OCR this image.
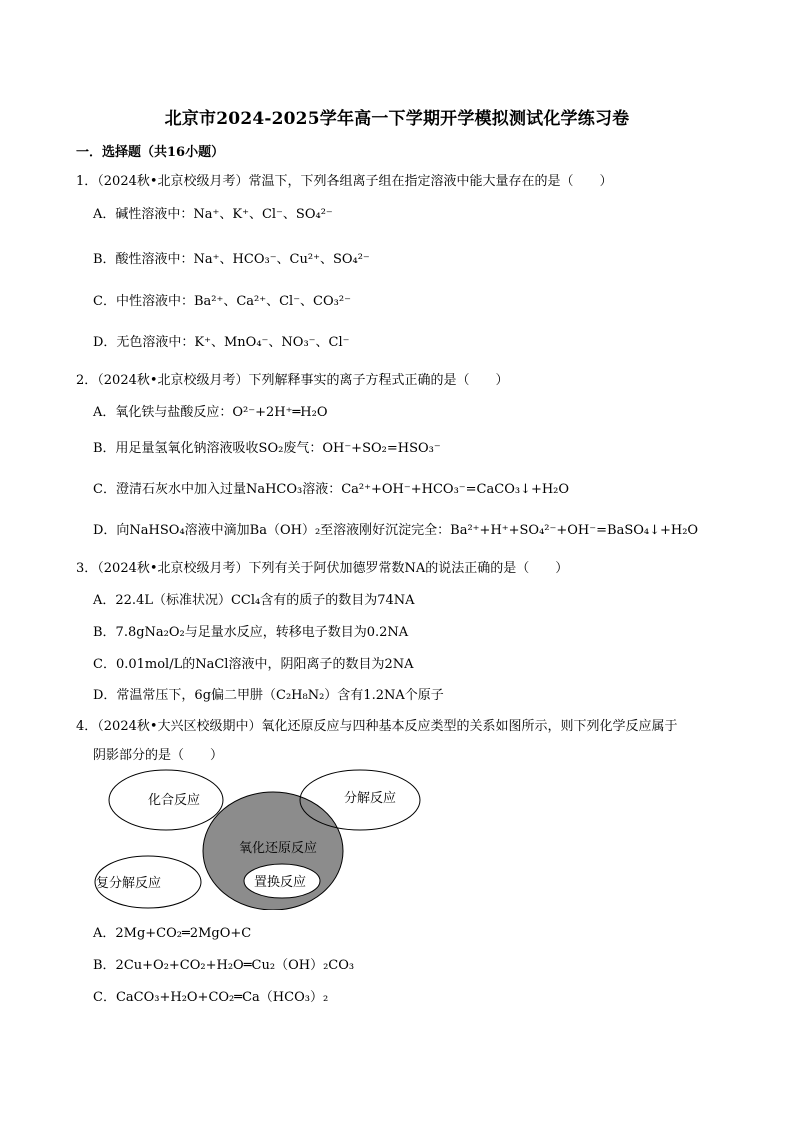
北京市2024-2025学年高一下学期开学模拟测试化学练习卷
一．选择题（共16小题）
1．（2024秋•北京校级月考）常温下，下列各组离子组在指定溶液中能大量存在的是（　　）
A．碱性溶液中：Na⁺、K⁺、Cl⁻、SO₄²⁻
B．酸性溶液中：Na⁺、HCO₃⁻、Cu²⁺、SO₄²⁻
C．中性溶液中：Ba²⁺、Ca²⁺、Cl⁻、CO₃²⁻
D．无色溶液中：K⁺、MnO₄⁻、NO₃⁻、Cl⁻
2．（2024秋•北京校级月考）下列解释事实的离子方程式正确的是（　　）
A．氧化铁与盐酸反应：O²⁻+2H⁺═H₂O
B．用足量氢氧化钠溶液吸收SO₂废气：OH⁻+SO₂=HSO₃⁻
C．澄清石灰水中加入过量NaHCO₃溶液：Ca²⁺+OH⁻+HCO₃⁻=CaCO₃↓+H₂O
D．向NaHSO₄溶液中滴加Ba（OH）₂至溶液刚好沉淀完全：Ba²⁺+H⁺+SO₄²⁻+OH⁻=BaSO₄↓+H₂O
3．（2024秋•北京校级月考）下列有关于阿伏加德罗常数NA的说法正确的是（　　）
A．22.4L（标准状况）CCl₄含有的质子的数目为74NA
B．7.8gNa₂O₂与足量水反应，转移电子数目为0.2NA
C．0.01mol/L的NaCl溶液中，阴阳离子的数目为2NA
D．常温常压下，6g偏二甲肼（C₂H₈N₂）含有1.2NA个原子
4．（2024秋•大兴区校级期中）氧化还原反应与四种基本反应类型的关系如图所示，则下列化学反应属于
阴影部分的是（　　）
化合反应	分解反应
氧化还原反应
复分解反应	置换反应
A．2Mg+CO₂═2MgO+C
B．2Cu+O₂+CO₂+H₂O═Cu₂（OH）₂CO₃
C．CaCO₃+H₂O+CO₂═Ca（HCO₃）₂
